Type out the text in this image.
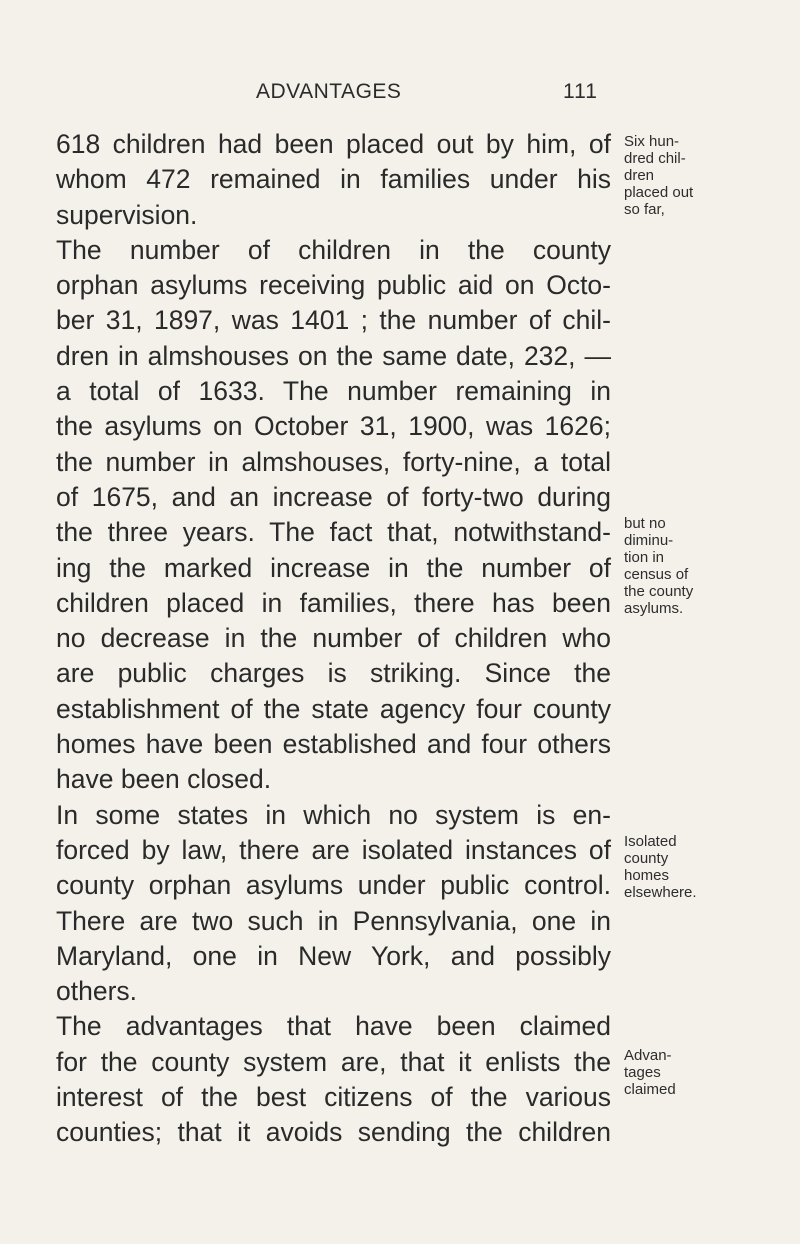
ADVANTAGES	111
618 children had been placed out by him, of
whom 472 remained in families under his
supervision.
The number of children in the county
orphan asylums receiving public aid on Octo-
ber 31, 1897, was 1401 ; the number of chil-
dren in almshouses on the same date, 232, —
a total of 1633. The number remaining in
the asylums on October 31, 1900, was 1626;
the number in almshouses, forty-nine, a total
of 1675, and an increase of forty-two during
the three years. The fact that, notwithstand-
ing the marked increase in the number of
children placed in families, there has been
no decrease in the number of children who
are public charges is striking. Since the
establishment of the state agency four county
homes have been established and four others
have been closed.
In some states in which no system is en-
forced by law, there are isolated instances of
county orphan asylums under public control.
There are two such in Pennsylvania, one in
Maryland, one in New York, and possibly
others.
The advantages that have been claimed
for the county system are, that it enlists the
interest of the best citizens of the various
counties; that it avoids sending the children
Six hun-
dred chil-
dren
placed out
so far,
but no
diminu-
tion in
census of
the county
asylums.
Isolated
county
homes
elsewhere.
Advan-
tages
claimed
